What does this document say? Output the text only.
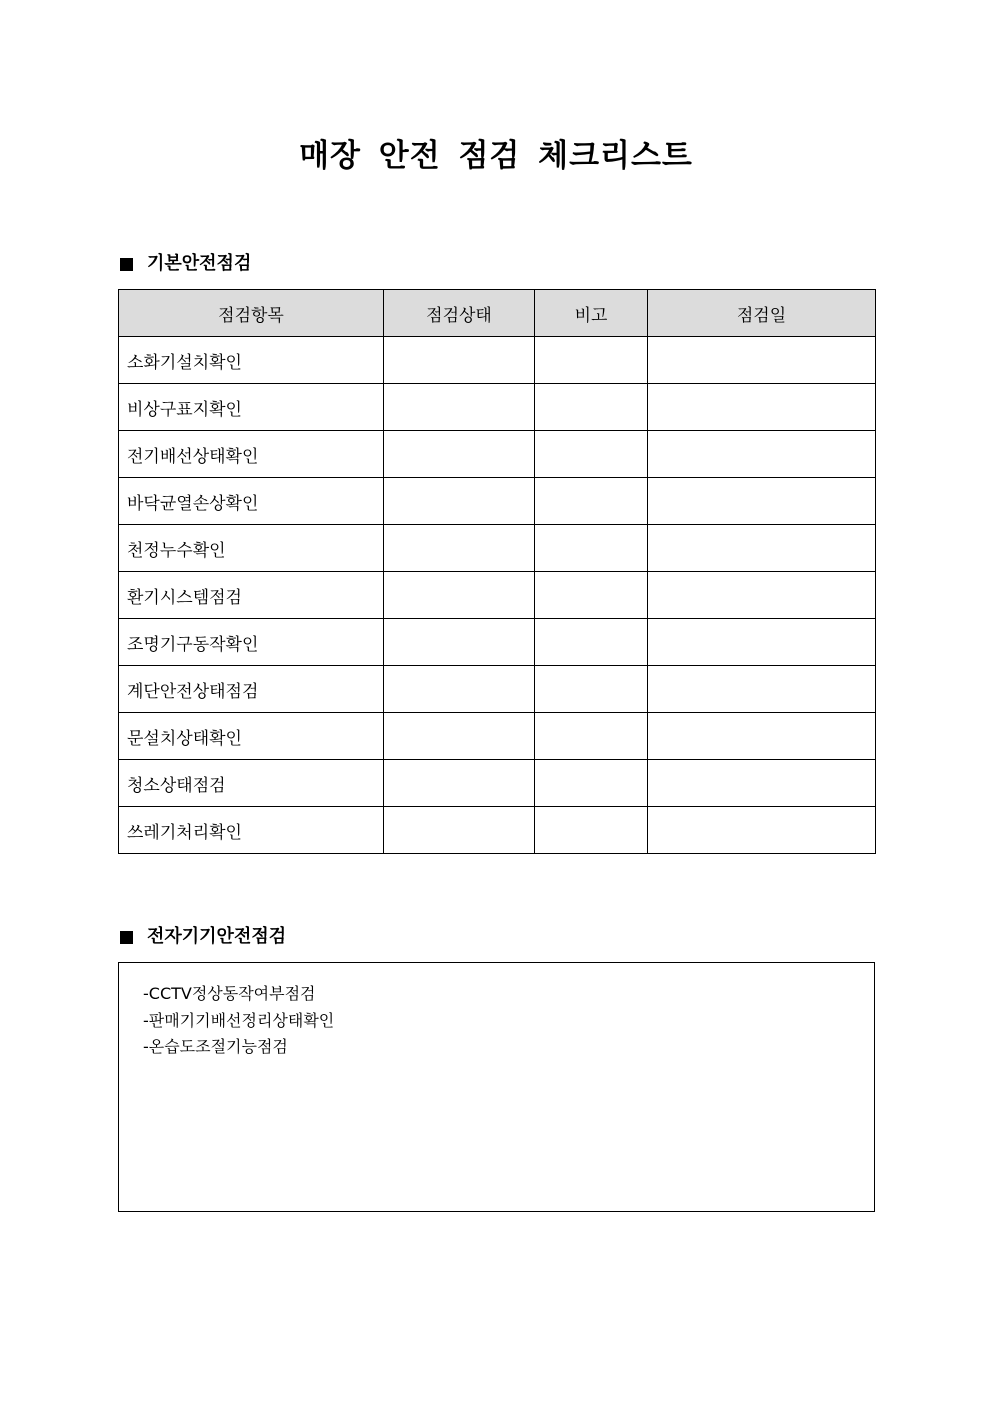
매장 안전 점검 체크리스트
기본안전점검
점검항목	점검상태	비고	점검일
소화기설치확인			
비상구표지확인			
전기배선상태확인			
바닥균열손상확인			
천정누수확인			
환기시스템점검			
조명기구동작확인			
계단안전상태점검			
문설치상태확인			
청소상태점검			
쓰레기처리확인			
전자기기안전점검
-CCTV정상동작여부점검
-판매기기배선정리상태확인
-온습도조절기능점검
